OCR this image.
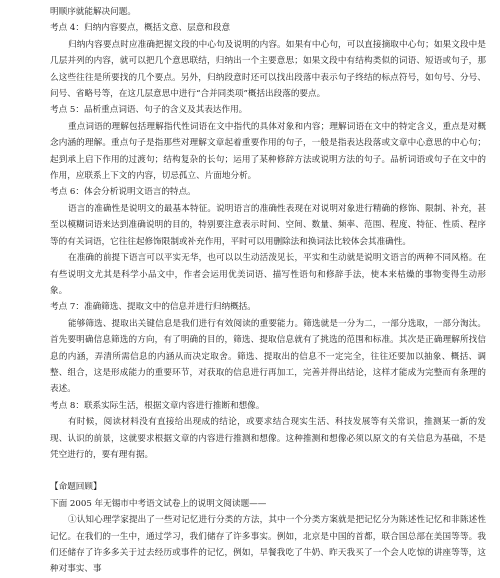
明顺序就能解决问题。

考点 4：归纳内容要点，概括文意、层意和段意

归纳内容要点时应准确把握文段的中心句及说明的内容。如果有中心句，可以直接摘取中心句；如果文段中是几层并列的内容，就可以把几个意思联结，归纳出一个主要意思；如果文段中有结构类似的词语、短语或句子，那么这些往往是所要找的几个要点。另外，归纳段意时还可以找出段落中表示句子终结的标点符号，如句号、分号、问号、省略号等，在这几层意思中进行“合并同类项”概括出段落的要点。

考点 5：品析重点词语、句子的含义及其表达作用。

重点词语的理解包括理解指代性词语在文中指代的具体对象和内容；理解词语在文中的特定含义，重点是对概念内涵的理解。重点句子是指那些对理解文章起着重要作用的句子，一般是指表达段落或文章中心意思的中心句；起到承上启下作用的过渡句；结构复杂的长句；运用了某种修辞方法或说明方法的句子。品析词语或句子在文中的作用，应联系上下文的内容，切忌孤立、片面地分析。

考点 6：体会分析说明文语言的特点。

语言的准确性是说明文的最基本特征。说明语言的准确性表现在对说明对象进行精确的修饰、限制、补充，甚至以模糊词语来达到准确说明的目的，特别要注意表示时间、空间、数量、频率、范围、程度、特征、性质、程序等的有关词语，它往往起修饰限制或补充作用，平时可以用删除法和换词法比较体会其准确性。

在准确的前提下语言可以平实无华，也可以以生动活泼见长，平实和生动就是说明文语言的两种不同风格。在有些说明文尤其是科学小品文中，作者会运用优美词语、描写性语句和修辞手法，使本来枯燥的事物变得生动形象。

考点 7：准确筛选、提取文中的信息并进行归纳概括。

能够筛选、提取出关键信息是我们进行有效阅读的重要能力。筛选就是一分为二，一部分选取，一部分淘汰。首先要明确信息筛选的方向，有了明确的目的，筛选、提取信息就有了挑选的范围和标准。其次是正确理解所找信息的内涵，弄清所需信息的内涵从而决定取舍。筛选、提取出的信息不一定完全，往往还要加以抽象、概括、调整、组合，这是形成能力的重要环节，对获取的信息进行再加工，完善并得出结论，这样才能成为完整而有条理的表述。

考点 8：联系实际生活，根据文章内容进行推断和想像。

有时候，阅读材料没有直接给出现成的结论，或要求结合现实生活、科技发展等有关常识，推测某一新的发现、认识的前景，这就要求根据文章的内容进行推测和想像。这种推测和想像必须以原文的有关信息为基础，不是凭空进行的，要有理有据。

【命题回顾】

下面 2005 年无锡市中考语文试卷上的说明文阅读题——

①认知心理学家提出了一些对记忆进行分类的方法，其中一个分类方案就是把记忆分为陈述性记忆和非陈述性记忆。在我们的一生中，通过学习，我们储存了许多事实。例如，北京是中国的首都，联合国总部在美国等等。我们还储存了许多多关于过去经历或事件的记忆，例如，早餐我吃了牛奶、昨天我买了一个会人吃惊的讲座等等，这种对事实、事
